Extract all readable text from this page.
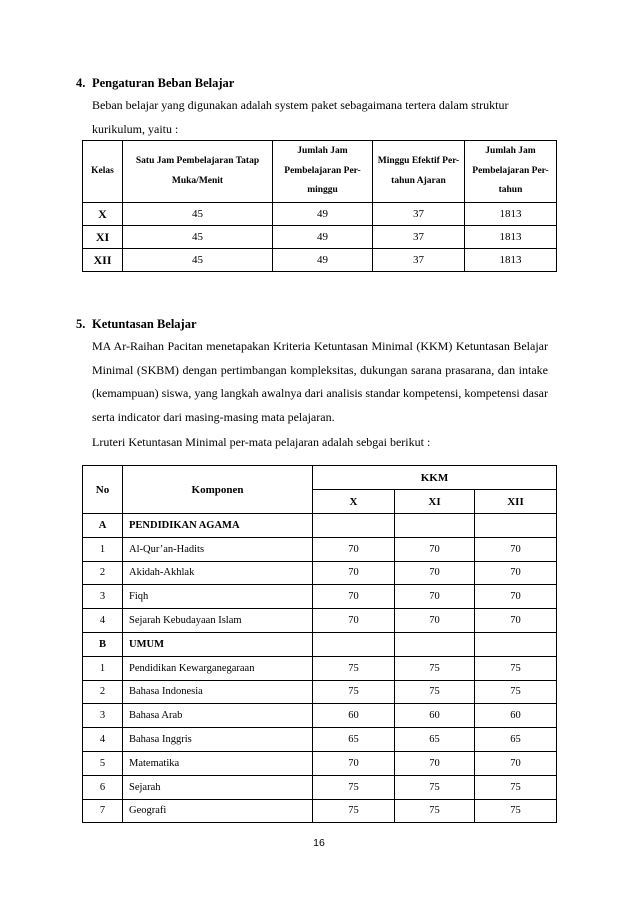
4. Pengaturan Beban Belajar

Beban belajar yang digunakan adalah system paket sebagaimana tertera dalam struktur kurikulum, yaitu :

Kelas	Satu Jam Pembelajaran Tatap Muka/Menit	Jumlah Jam Pembelajaran Per-minggu	Minggu Efektif Per-tahun Ajaran	Jumlah Jam Pembelajaran Per-tahun
X	45	49	37	1813
XI	45	49	37	1813
XII	45	49	37	1813
5. Ketuntasan Belajar

MA Ar-Raihan Pacitan menetapakan Kriteria Ketuntasan Minimal (KKM) Ketuntasan Belajar Minimal (SKBM) dengan pertimbangan kompleksitas, dukungan sarana prasarana, dan intake (kemampuan) siswa, yang langkah awalnya dari analisis standar kompetensi, kompetensi dasar serta indicator dari masing-masing mata pelajaran.

Lruteri Ketuntasan Minimal per-mata pelajaran adalah sebgai berikut :

No	Komponen	KKM		
		X	XI	XII
A	PENDIDIKAN AGAMA			
1	Al-Qur’an-Hadits	70	70	70
2	Akidah-Akhlak	70	70	70
3	Fiqh	70	70	70
4	Sejarah Kebudayaan Islam	70	70	70
B	UMUM			
1	Pendidikan Kewarganegaraan	75	75	75
2	Bahasa Indonesia	75	75	75
3	Bahasa Arab	60	60	60
4	Bahasa Inggris	65	65	65
5	Matematika	70	70	70
6	Sejarah	75	75	75
7	Geografi	75	75	75
16
